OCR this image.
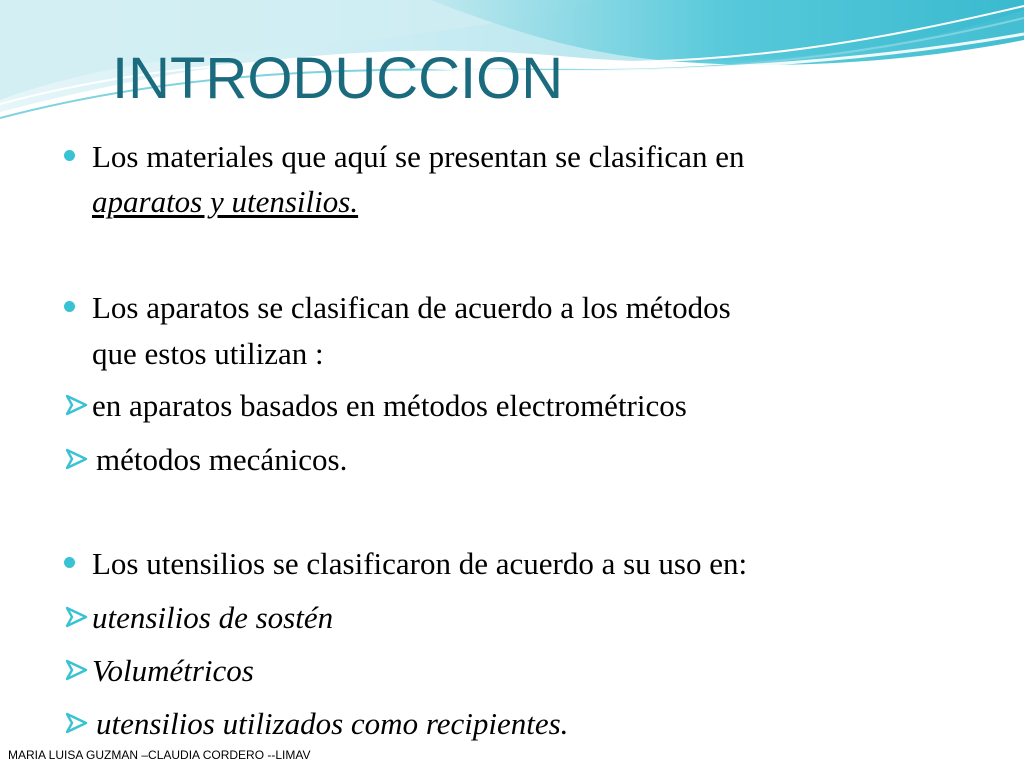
INTRODUCCION
Los materiales que aquí se presentan se clasifican en
aparatos y utensilios.
Los aparatos se clasifican de acuerdo a los métodos
que estos utilizan :
en aparatos basados en métodos electrométricos
métodos mecánicos.
Los utensilios se clasificaron de acuerdo a su uso en:
utensilios de sostén
Volumétricos
utensilios utilizados como recipientes.
MARIA LUISA GUZMAN –CLAUDIA CORDERO --LIMAV
